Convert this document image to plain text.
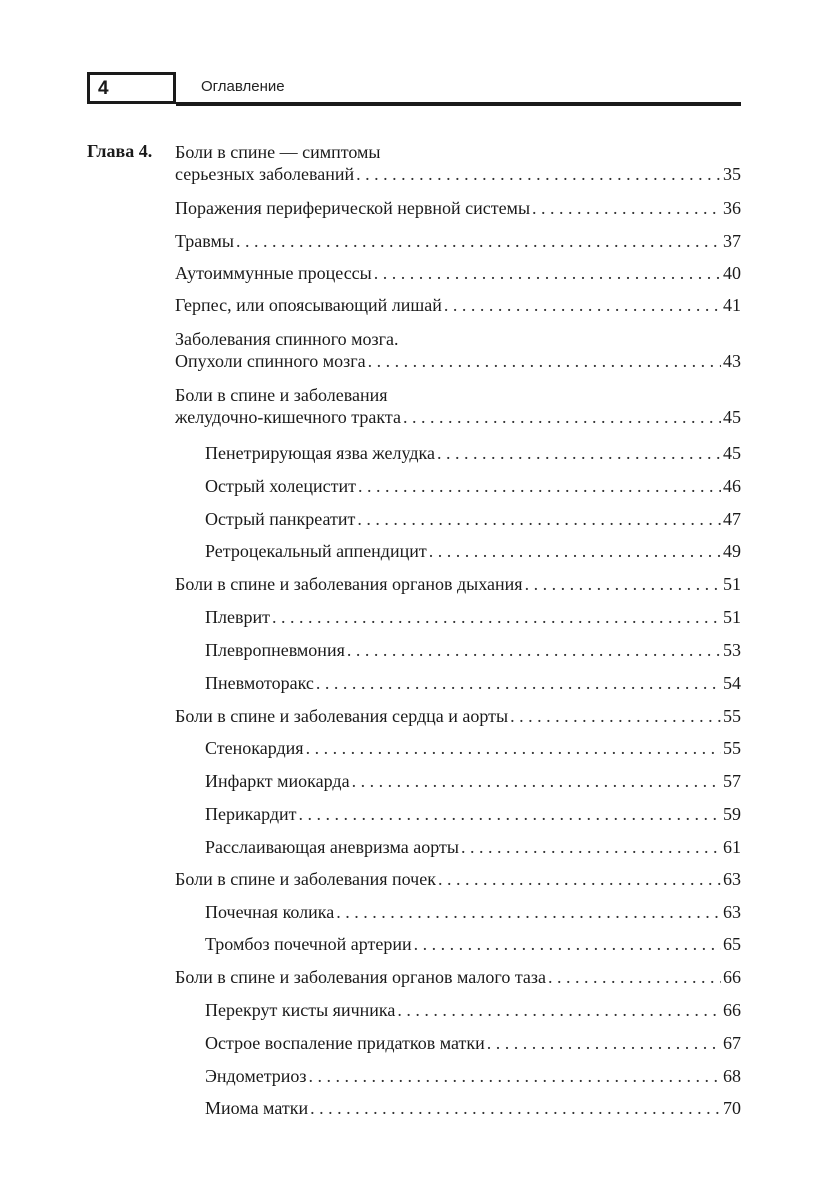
4	Оглавление
Глава 4. Боли в спине — симптомы
серьезных заболеваний . . .	35
Поражения периферической нервной системы . . .	36
Травмы . . .	37
Аутоиммунные процессы . . .	40
Герпес, или опоясывающий лишай . . .	41
Заболевания спинного мозга.
Опухоли спинного мозга . . .	43
Боли в спине и заболевания
желудочно-кишечного тракта . . .	45
Пенетрирующая язва желудка . . .	45
Острый холецистит . . .	46
Острый панкреатит . . .	47
Ретроцекальный аппендицит . . .	49
Боли в спине и заболевания органов дыхания . . .	51
Плеврит . . .	51
Плевропневмония . . .	53
Пневмоторакс . . .	54
Боли в спине и заболевания сердца и аорты . . .	55
Стенокардия . . .	55
Инфаркт миокарда . . .	57
Перикардит . . .	59
Расслаивающая аневризма аорты . . .	61
Боли в спине и заболевания почек . . .	63
Почечная колика . . .	63
Тромбоз почечной артерии . . .	65
Боли в спине и заболевания органов малого таза . . .	66
Перекрут кисты яичника . . .	66
Острое воспаление придатков матки . . .	67
Эндометриоз . . .	68
Миома матки . . .	70
